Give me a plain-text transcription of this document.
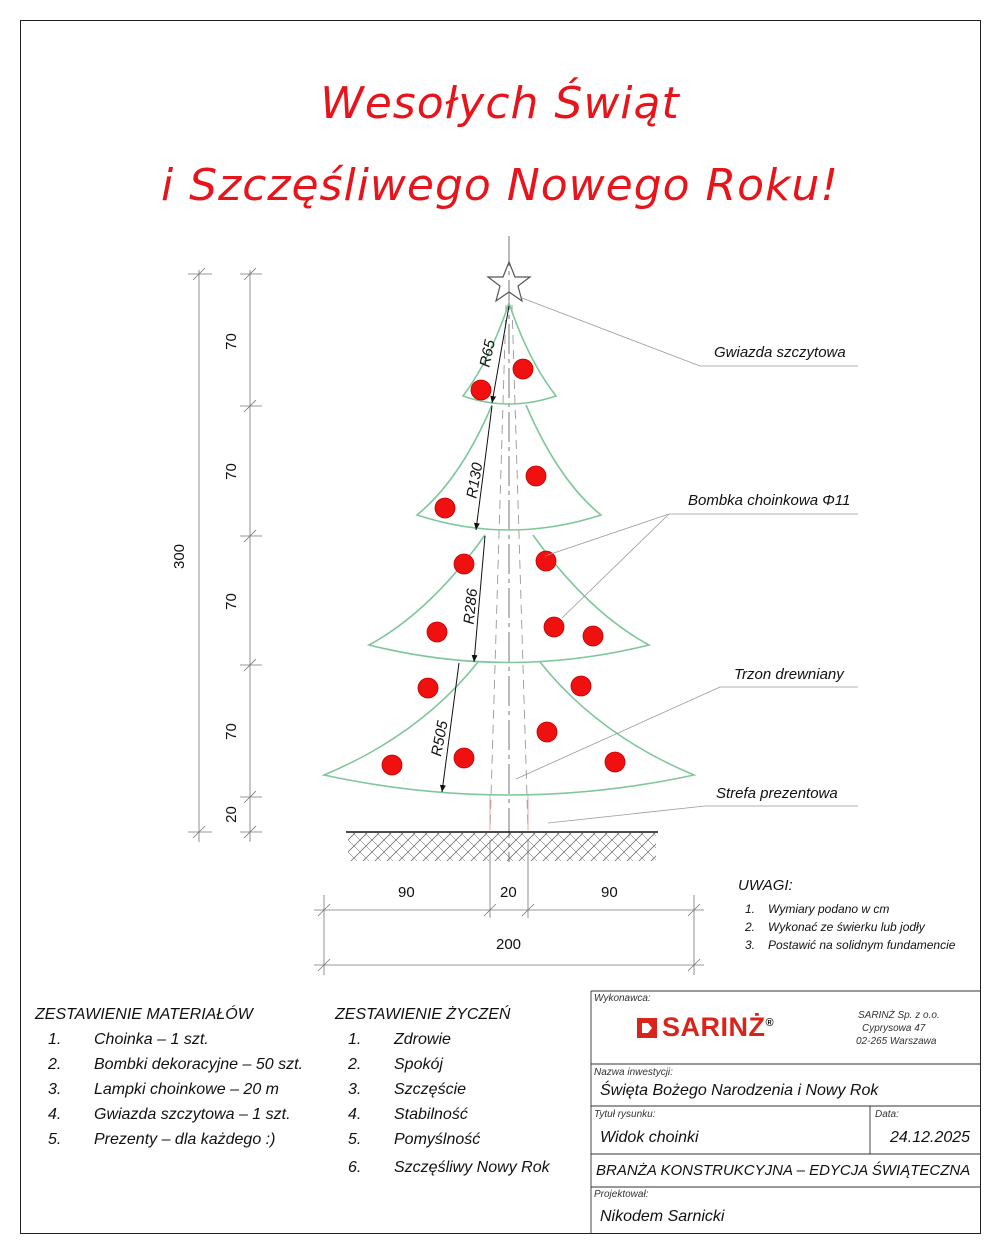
Wesołych Świąt
i Szczęśliwego Nowego Roku!
R65
R130
R286
R505
Gwiazda szczytowa
Bombka choinkowa Φ11
Trzon drewniany
Strefa prezentowa
300
70
70
70
70
20
90	20	90
200
UWAGI:
1. Wymiary podano w cm
2. Wykonać ze świerku lub jodły
3. Postawić na solidnym fundamencie
ZESTAWIENIE MATERIAŁÓW
1. Choinka – 1 szt.
2. Bombki dekoracyjne – 50 szt.
3. Lampki choinkowe – 20 m
4. Gwiazda szczytowa – 1 szt.
5. Prezenty – dla każdego :)
ZESTAWIENIE ŻYCZEŃ
1. Zdrowie
2. Spokój
3. Szczęście
4. Stabilność
5. Pomyślność
6. Szczęśliwy Nowy Rok
Wykonawca:
SARINŻ®
SARINŻ Sp. z o.o.
Cyprysowa 47
02-265 Warszawa
Nazwa inwestycji:
Święta Bożego Narodzenia i Nowy Rok
Tytuł rysunku:
Widok choinki
Data:
24.12.2025
BRANŻA KONSTRUKCYJNA – EDYCJA ŚWIĄTECZNA
Projektował:
Nikodem Sarnicki
